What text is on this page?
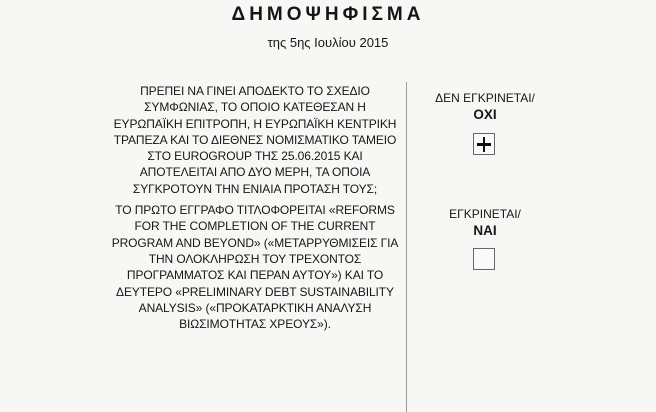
ΔΗΜΟΨΗΦΙΣΜΑ
της 5ης Ιουλίου 2015

ΠΡΕΠΕΙ ΝΑ ΓΙΝΕΙ ΑΠΟΔΕΚΤΟ ΤΟ ΣΧΕΔΙΟ ΣΥΜΦΩΝΙΑΣ, ΤΟ ΟΠΟΙΟ ΚΑΤΕΘΕΣΑΝ Η ΕΥΡΩΠΑΪΚΗ ΕΠΙΤΡΟΠΗ, Η ΕΥΡΩΠΑΪΚΗ ΚΕΝΤΡΙΚΗ ΤΡΑΠΕΖΑ ΚΑΙ ΤΟ ΔΙΕΘΝΕΣ ΝΟΜΙΣΜΑΤΙΚΟ ΤΑΜΕΙΟ ΣΤΟ EUROGROUP ΤΗΣ 25.06.2015 ΚΑΙ ΑΠΟΤΕΛΕΙΤΑΙ ΑΠΟ ΔΥΟ ΜΕΡΗ, ΤΑ ΟΠΟΙΑ ΣΥΓΚΡΟΤΟΥΝ ΤΗΝ ΕΝΙΑΙΑ ΠΡΟΤΑΣΗ ΤΟΥΣ;

ΤΟ ΠΡΩΤΟ ΕΓΓΡΑΦΟ ΤΙΤΛΟΦΟΡΕΙΤΑΙ «REFORMS FOR THE COMPLETION OF THE CURRENT PROGRAM AND BEYOND» («ΜΕΤΑΡΡΥΘΜΙΣΕΙΣ ΓΙΑ ΤΗΝ ΟΛΟΚΛΗΡΩΣΗ ΤΟΥ ΤΡΕΧΟΝΤΟΣ ΠΡΟΓΡΑΜΜΑΤΟΣ ΚΑΙ ΠΕΡΑΝ ΑΥΤΟΥ») ΚΑΙ ΤΟ ΔΕΥΤΕΡΟ «PRELIMINARY DEBT SUSTAINABILITY ANALYSIS» («ΠΡΟΚΑΤΑΡΚΤΙΚΗ ΑΝΑΛΥΣΗ ΒΙΩΣΙΜΟΤΗΤΑΣ ΧΡΕΟΥΣ»).

ΔΕΝ ΕΓΚΡΙΝΕΤΑΙ/
ΟΧΙ
ΕΓΚΡΙΝΕΤΑΙ/
ΝΑΙ
